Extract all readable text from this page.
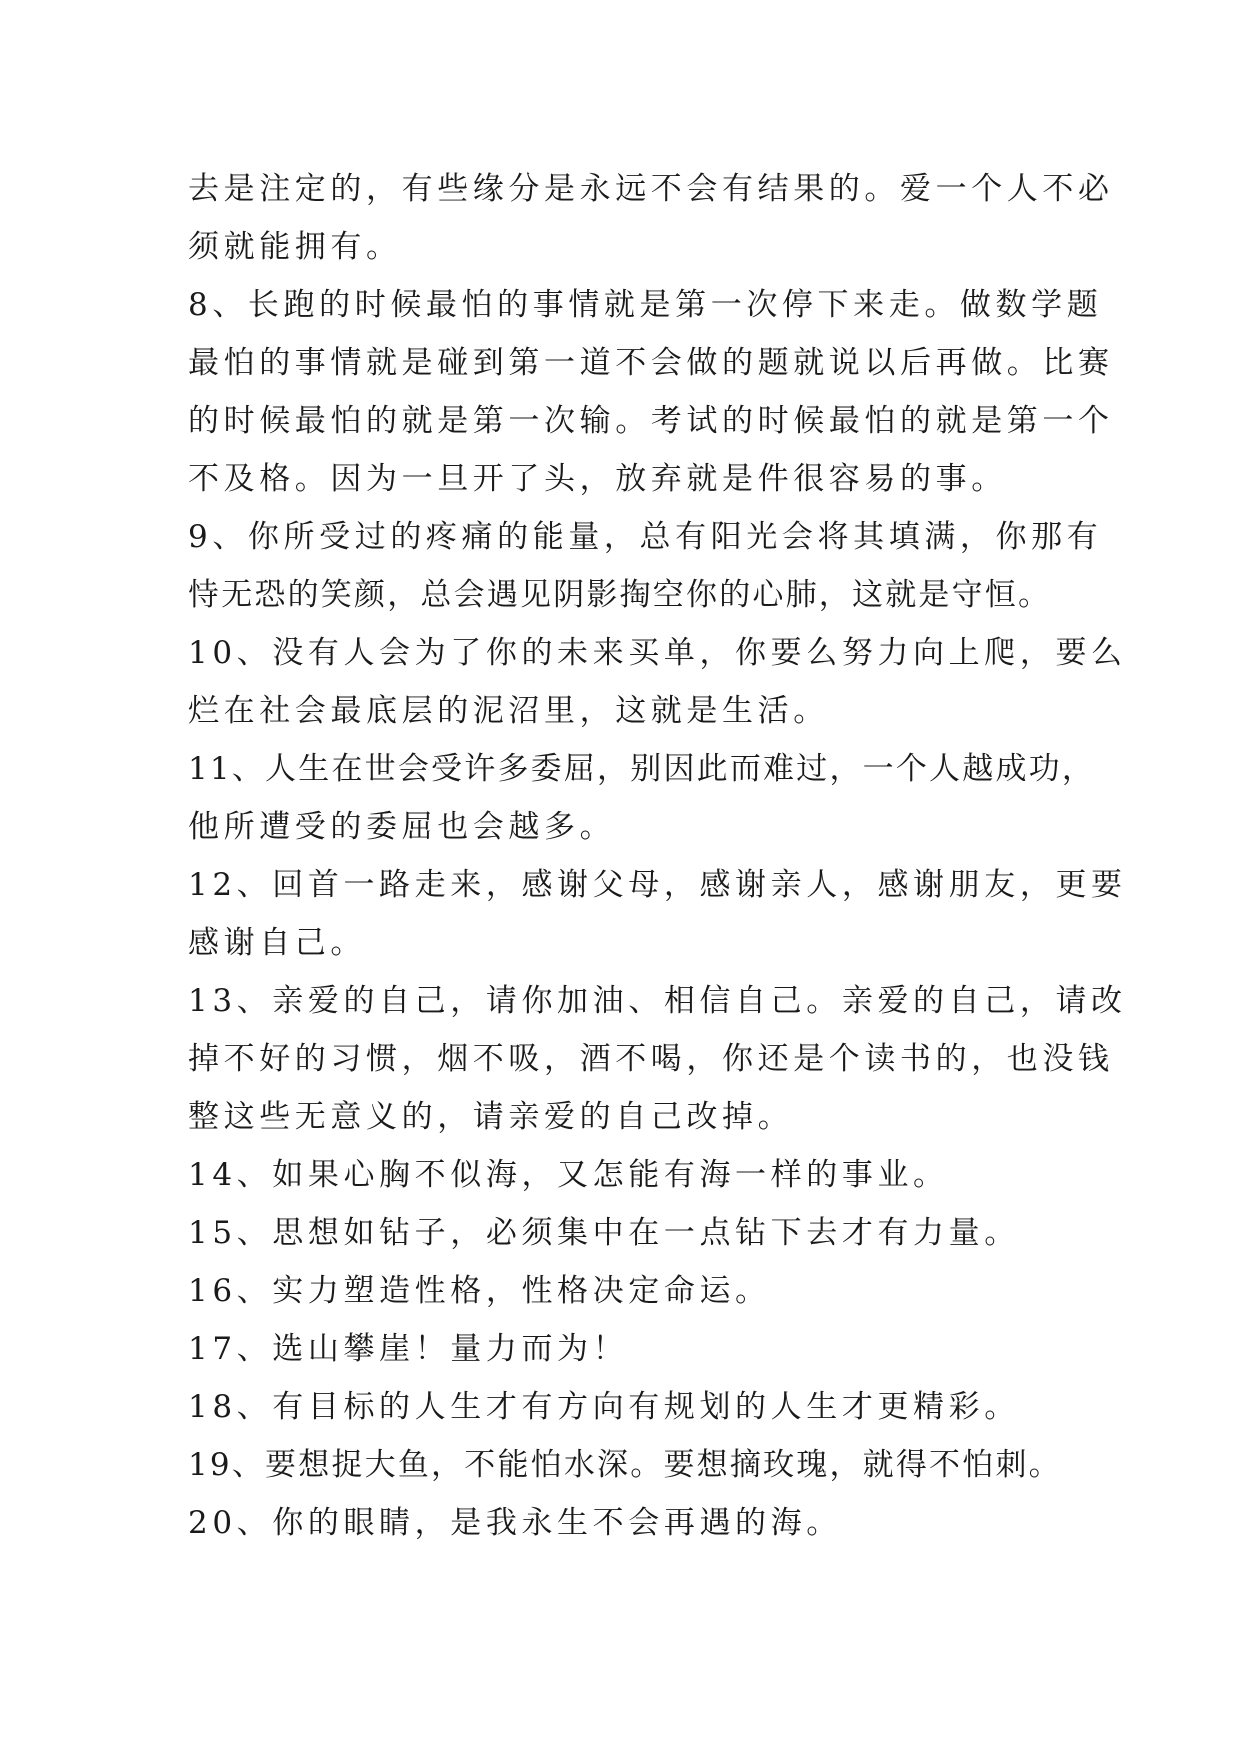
去是注定的，有些缘分是永远不会有结果的。爱一个人不必
须就能拥有。
8、长跑的时候最怕的事情就是第一次停下来走。做数学题
最怕的事情就是碰到第一道不会做的题就说以后再做。比赛
的时候最怕的就是第一次输。考试的时候最怕的就是第一个
不及格。因为一旦开了头，放弃就是件很容易的事。
9、你所受过的疼痛的能量，总有阳光会将其填满，你那有
恃无恐的笑颜，总会遇见阴影掏空你的心肺，这就是守恒。
10、没有人会为了你的未来买单，你要么努力向上爬，要么
烂在社会最底层的泥沼里，这就是生活。
11、人生在世会受许多委屈，别因此而难过，一个人越成功，
他所遭受的委屈也会越多。
12、回首一路走来，感谢父母，感谢亲人，感谢朋友，更要
感谢自己。
13、亲爱的自己，请你加油、相信自己。亲爱的自己，请改
掉不好的习惯，烟不吸，酒不喝，你还是个读书的，也没钱
整这些无意义的，请亲爱的自己改掉。
14、如果心胸不似海，又怎能有海一样的事业。
15、思想如钻子，必须集中在一点钻下去才有力量。
16、实力塑造性格，性格决定命运。
17、选山攀崖！量力而为！
18、有目标的人生才有方向有规划的人生才更精彩。
19、要想捉大鱼，不能怕水深。要想摘玫瑰，就得不怕刺。
20、你的眼睛，是我永生不会再遇的海。
